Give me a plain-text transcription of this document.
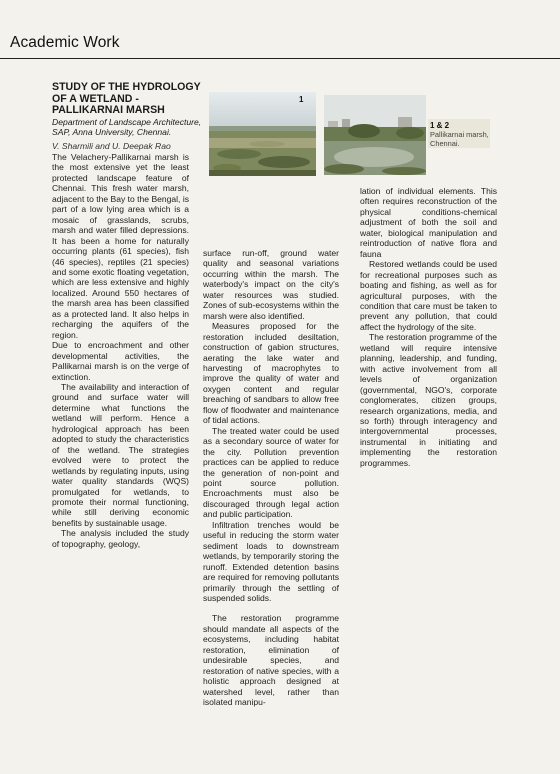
Academic Work
STUDY OF THE HYDROLOGY OF A WETLAND - PALLIKARNAI MARSH

Department of Landscape Architecture, SAP, Anna University, Chennai.

V. Sharmili and U. Deepak Rao

1
1 & 2
Pallikarnai marsh, Chennai.

The Velachery-Pallikarnai marsh is the most extensive yet the least protected landscape feature of Chennai. This fresh water marsh, adjacent to the Bay to the Bengal, is part of a low lying area which is a mosaic of grasslands, scrubs, marsh and water filled depressions. It has been a home for naturally occurring plants (61 species), fish (46 species), reptiles (21 species) and some exotic floating vegetation, which are less extensive and highly localized. Around 550 hectares of the marsh area has been classified as a protected land. It also helps in recharging the aquifers of the region.

Due to encroachment and other developmental activities, the Pallikarnai marsh is on the verge of extinction.

The availability and interaction of ground and surface water will determine what functions the wetland will perform. Hence a hydrological approach has been adopted to study the characteristics of the wetland. The strategies evolved were to protect the wetlands by regulating inputs, using water quality standards (WQS) promulgated for wetlands, to promote their normal functioning, while still deriving economic benefits by sustainable usage.

The analysis included the study of topography, geology,

surface run-off, ground water quality and seasonal variations occurring within the marsh. The waterbody's impact on the city's water resources was studied. Zones of sub-ecosystems within the marsh were also identified.

Measures proposed for the restoration included desiltation, construction of gabion structures, aerating the lake water and harvesting of macrophytes to improve the quality of water and oxygen content and regular breaching of sandbars to allow free flow of floodwater and maintenance of tidal actions.

The treated water could be used as a secondary source of water for the city. Pollution prevention practices can be applied to reduce the generation of non-point and point source pollution. Encroachments must also be discouraged through legal action and public participation.

Infiltration trenches would be useful in reducing the storm water sediment loads to downstream wetlands, by temporarily storing the runoff. Extended detention basins are required for removing pollutants primarily through the settling of suspended solids.

The restoration programme should mandate all aspects of the ecosystems, including habitat restoration, elimination of undesirable species, and restoration of native species, with a holistic approach designed at watershed level, rather than isolated manipu-

lation of individual elements. This often requires reconstruction of the physical conditions-chemical adjustment of both the soil and water, biological manipulation and reintroduction of native flora and fauna

Restored wetlands could be used for recreational purposes such as boating and fishing, as well as for agricultural purposes, with the condition that care must be taken to prevent any pollution, that could affect the hydrology of the site.

The restoration programme of the wetland will require intensive planning, leadership, and funding, with active involvement from all levels of organization (governmental, NGO's, corporate conglomerates, citizen groups, research organizations, media, and so forth) through interagency and intergovernmental processes, instrumental in initiating and implementing the restoration programmes.
